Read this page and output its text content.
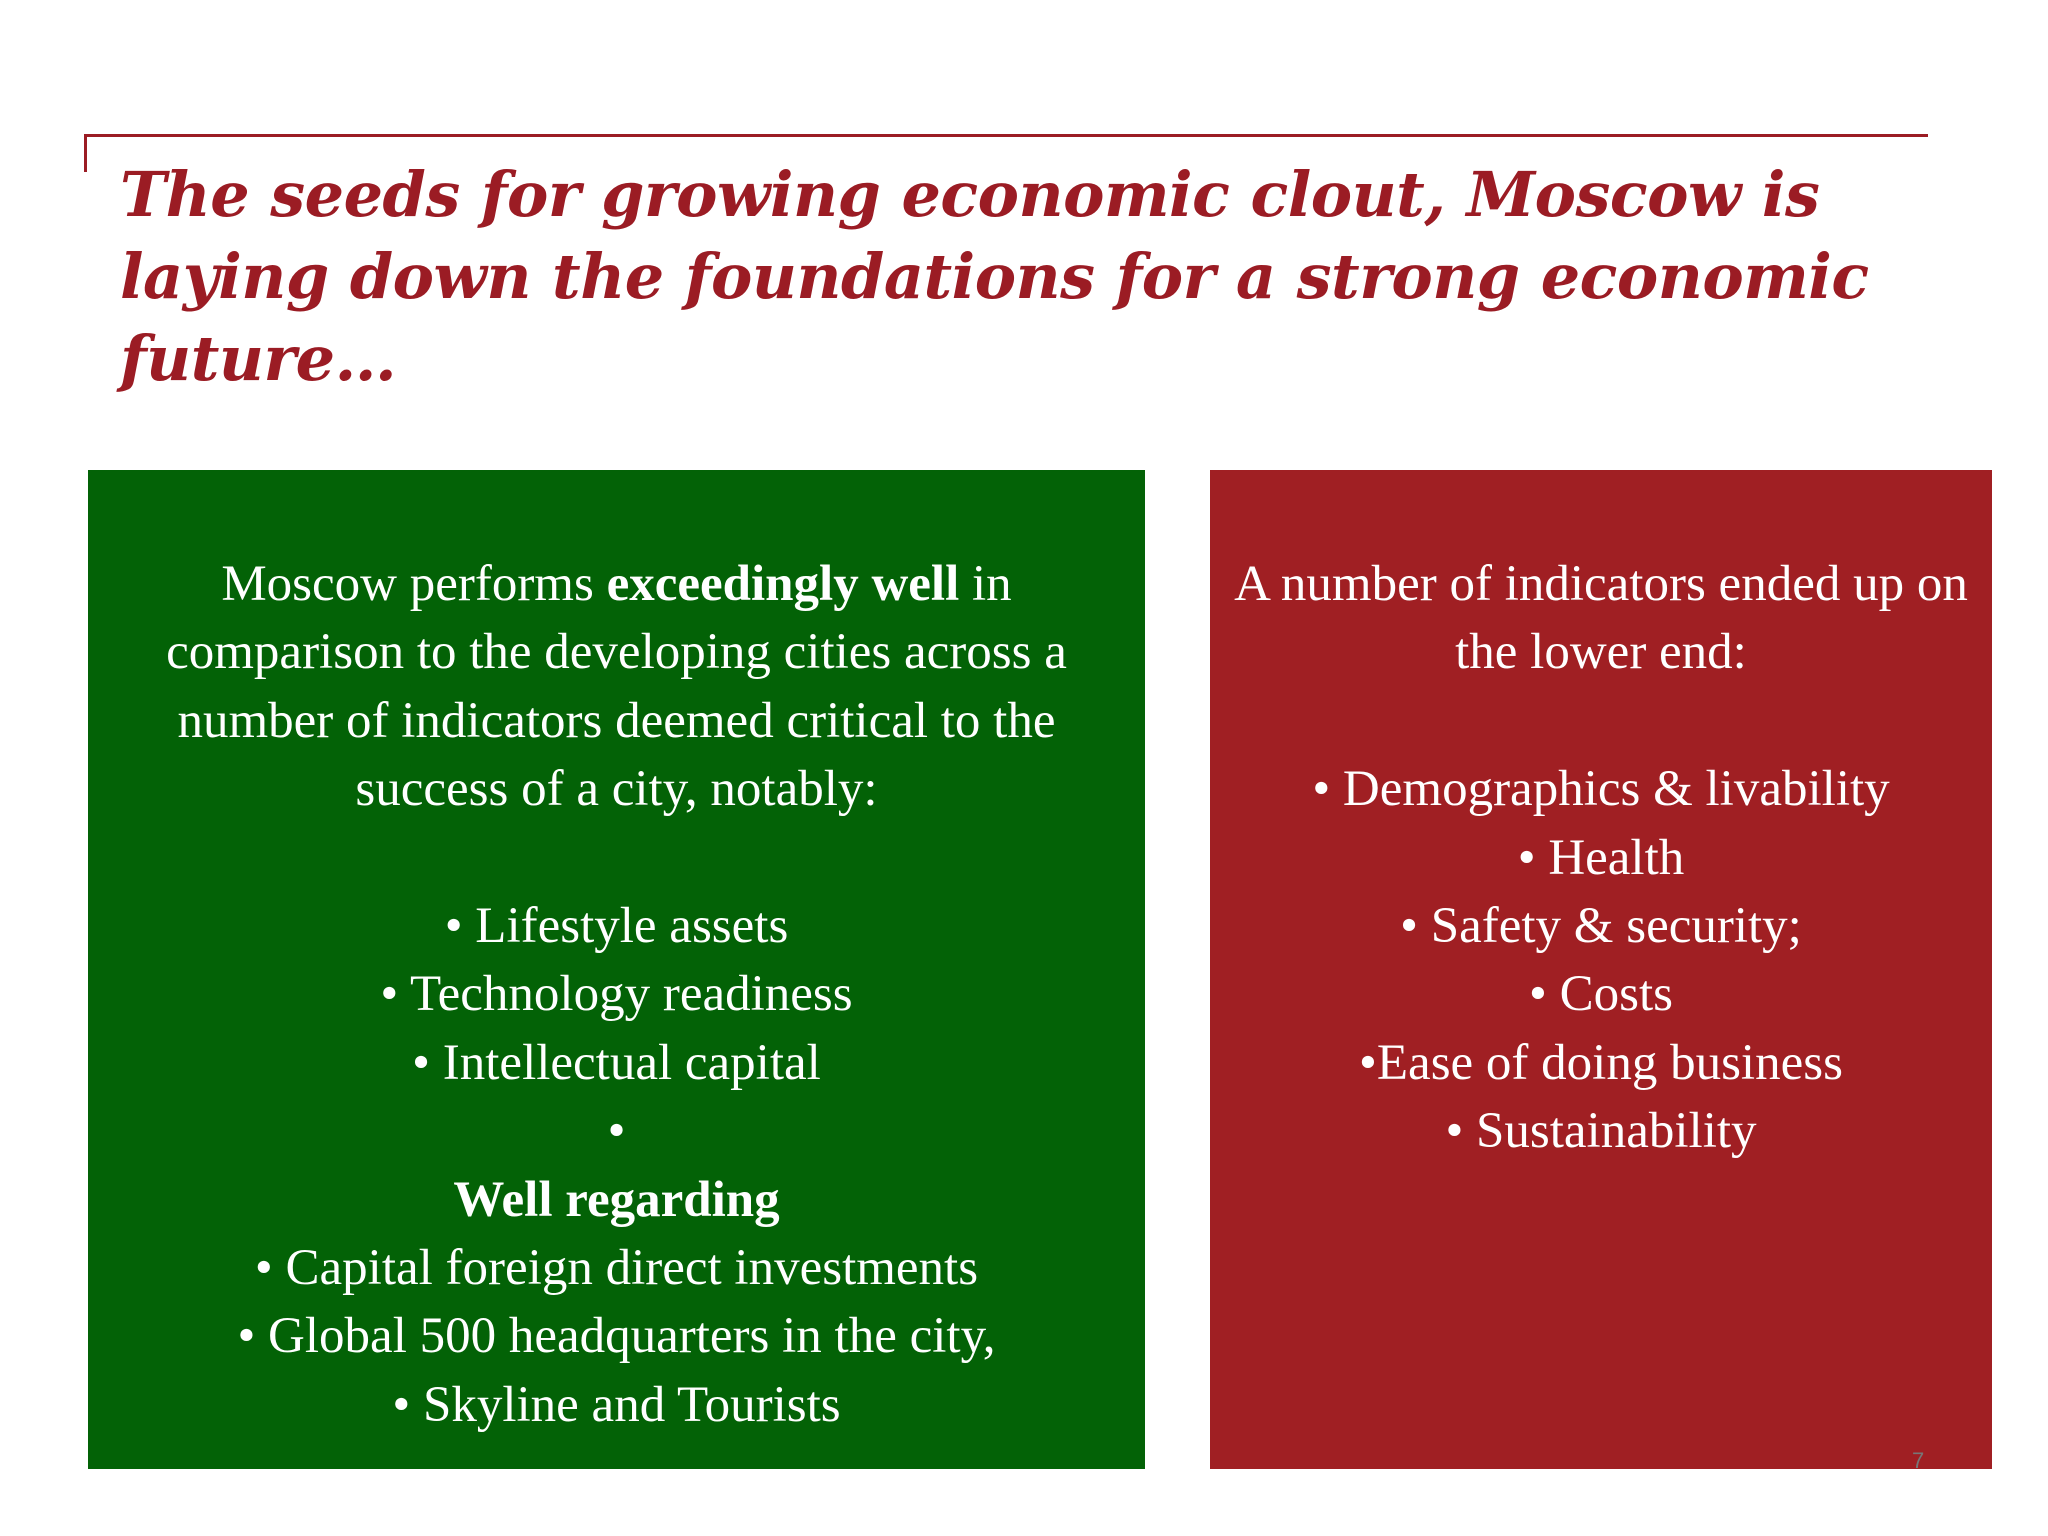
The seeds for growing economic clout, Moscow is laying down the foundations for a strong economic future…

Moscow performs exceedingly well in comparison to the developing cities across a number of indicators deemed critical to the success of a city, notably:

• Lifestyle assets

• Technology readiness

• Intellectual capital

•

Well regarding

• Capital foreign direct investments

• Global 500 headquarters in the city,

• Skyline and Tourists

A number of indicators ended up on the lower end:

• Demographics & livability

• Health

• Safety & security;

• Costs

•Ease of doing business

• Sustainability

7
